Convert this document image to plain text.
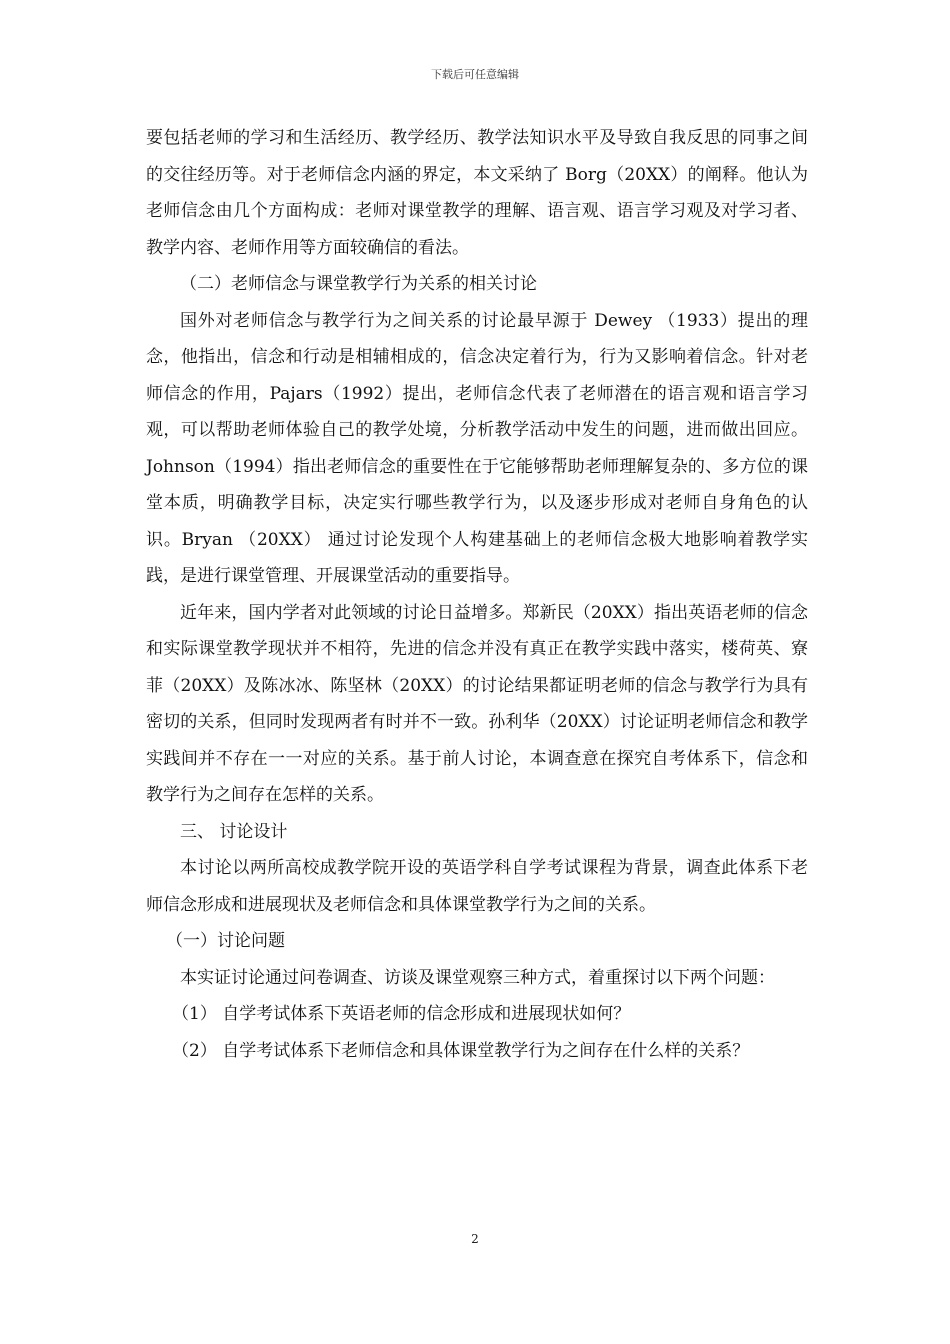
下载后可任意编辑

要包括老师的学习和生活经历、教学经历、教学法知识水平及导致自我反思的同事之间的交往经历等。对于老师信念内涵的界定，本文采纳了 Borg（20XX）的阐释。他认为老师信念由几个方面构成：老师对课堂教学的理解、语言观、语言学习观及对学习者、教学内容、老师作用等方面较确信的看法。

（二）老师信念与课堂教学行为关系的相关讨论

国外对老师信念与教学行为之间关系的讨论最早源于 Dewey （1933）提出的理念，他指出，信念和行动是相辅相成的，信念决定着行为，行为又影响着信念。针对老师信念的作用，Pajars（1992）提出，老师信念代表了老师潜在的语言观和语言学习观，可以帮助老师体验自己的教学处境，分析教学活动中发生的问题，进而做出回应。Johnson（1994）指出老师信念的重要性在于它能够帮助老师理解复杂的、多方位的课堂本质，明确教学目标，决定实行哪些教学行为，以及逐步形成对老师自身角色的认识。Bryan （20XX） 通过讨论发现个人构建基础上的老师信念极大地影响着教学实践，是进行课堂管理、开展课堂活动的重要指导。

近年来，国内学者对此领域的讨论日益增多。郑新民（20XX）指出英语老师的信念和实际课堂教学现状并不相符，先进的信念并没有真正在教学实践中落实，楼荷英、寮菲（20XX）及陈冰冰、陈坚林（20XX）的讨论结果都证明老师的信念与教学行为具有密切的关系，但同时发现两者有时并不一致。孙利华（20XX）讨论证明老师信念和教学实践间并不存在一一对应的关系。基于前人讨论，本调查意在探究自考体系下，信念和教学行为之间存在怎样的关系。

三、 讨论设计

本讨论以两所高校成教学院开设的英语学科自学考试课程为背景，调查此体系下老师信念形成和进展现状及老师信念和具体课堂教学行为之间的关系。

（一）讨论问题

本实证讨论通过问卷调查、访谈及课堂观察三种方式，着重探讨以下两个问题：

（1） 自学考试体系下英语老师的信念形成和进展现状如何？

（2） 自学考试体系下老师信念和具体课堂教学行为之间存在什么样的关系？

2
